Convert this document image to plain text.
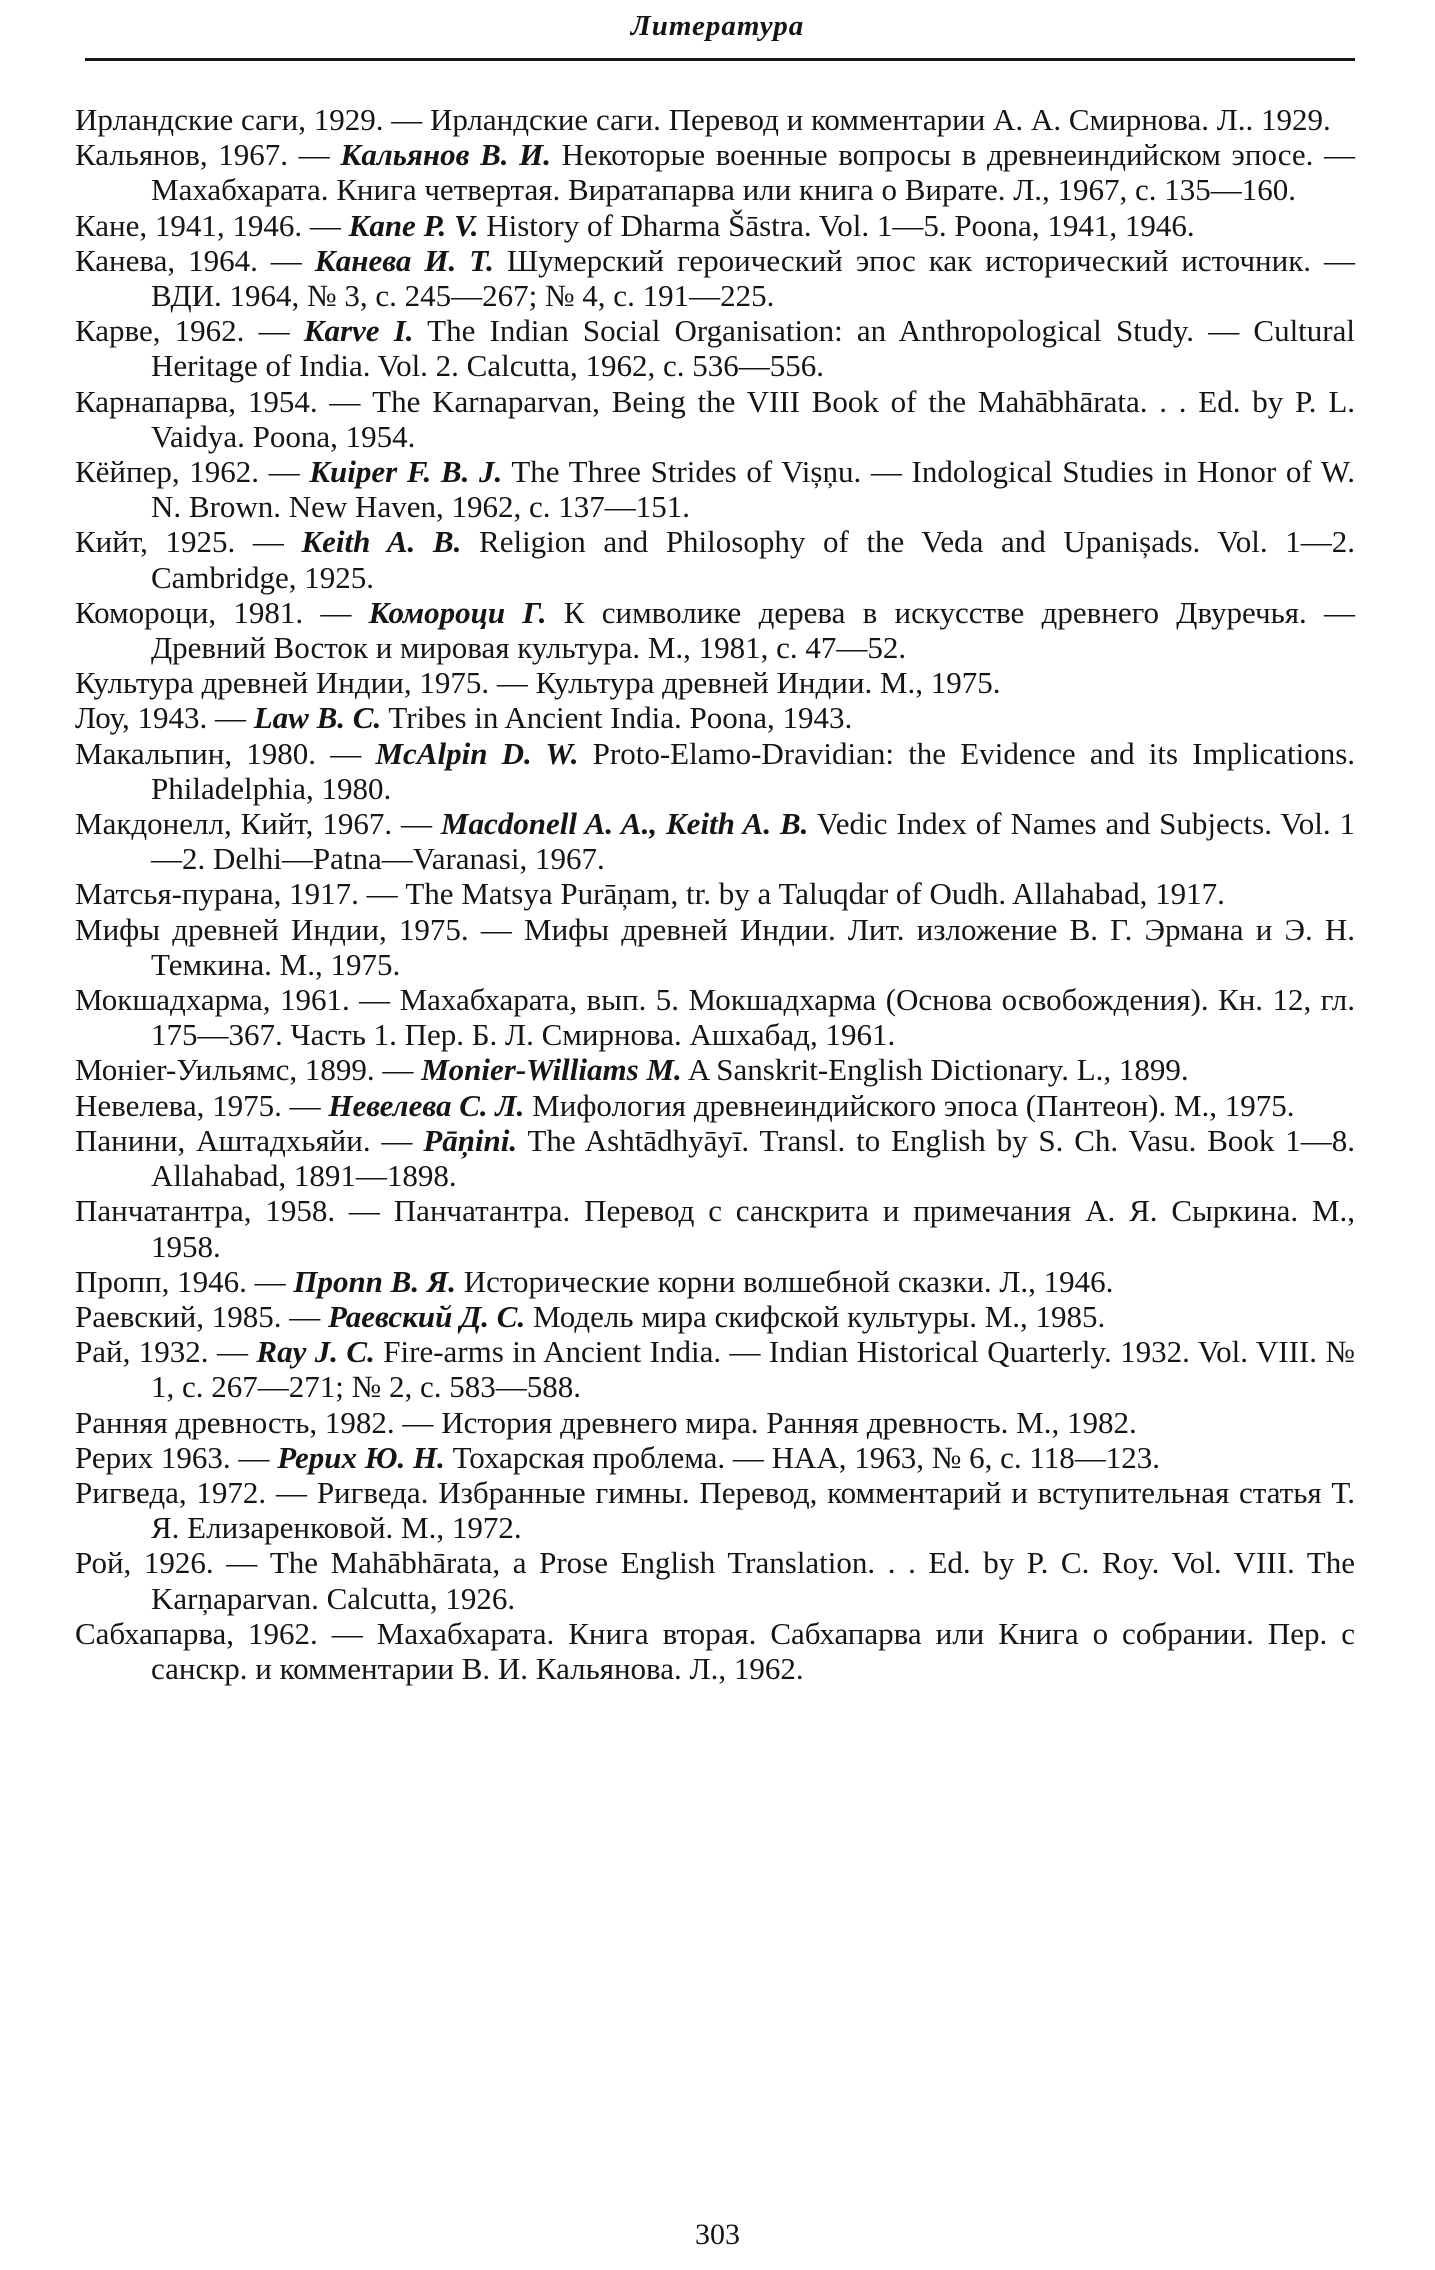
Литература
Ирландские саги, 1929. — Ирландские саги. Перевод и комментарии А. А. Смирнова. Л.. 1929.
Кальянов, 1967. — Кальянов В. И. Некоторые военные вопросы в древнеиндийском эпосе. — Махабхарата. Книга четвертая. Виратапарва или книга о Вирате. Л., 1967, с. 135—160.
Кане, 1941, 1946. — Kane P. V. History of Dharma Šāstra. Vol. 1—5. Poona, 1941, 1946.
Канева, 1964. — Канева И. Т. Шумерский героический эпос как исторический источник. — ВДИ. 1964, № 3, с. 245—267; № 4, с. 191—225.
Карве, 1962. — Karve I. The Indian Social Organisation: an Anthropological Study. — Cultural Heritage of India. Vol. 2. Calcutta, 1962, с. 536—556.
Карнапарва, 1954. — The Karnaparvan, Being the VIII Book of the Mahābhārata. . . Ed. by P. L. Vaidya. Poona, 1954.
Кёйпер, 1962. — Kuiper F. B. J. The Three Strides of Vișņu. — Indological Studies in Honor of W. N. Brown. New Haven, 1962, с. 137—151.
Кийт, 1925. — Keith A. B. Religion and Philosophy of the Veda and Upanișads. Vol. 1—2. Cambridge, 1925.
Комороци, 1981. — Комороци Г. К символике дерева в искусстве древнего Двуречья. — Древний Восток и мировая культура. М., 1981, с. 47—52.
Культура древней Индии, 1975. — Культура древней Индии. М., 1975.
Лоу, 1943. — Law B. C. Tribes in Ancient India. Poona, 1943.
Макальпин, 1980. — McAlpin D. W. Proto-Elamo-Dravidian: the Evidence and its Implications. Philadelphia, 1980.
Макдонелл, Кийт, 1967. — Macdonell A. A., Keith A. B. Vedic Index of Names and Subjects. Vol. 1—2. Delhi—Patna—Varanasi, 1967.
Матсья-пурана, 1917. — The Matsya Purāņam, tr. by a Taluqdar of Oudh. Allahabad, 1917.
Мифы древней Индии, 1975. — Мифы древней Индии. Лит. изложение В. Г. Эрмана и Э. Н. Темкина. М., 1975.
Мокшадхарма, 1961. — Махабхарата, вып. 5. Мокшадхарма (Основа освобождения). Кн. 12, гл. 175—367. Часть 1. Пер. Б. Л. Смирнова. Ашхабад, 1961.
Монier-Уильямс, 1899. — Monier-Williams M. A Sanskrit-English Dictionary. L., 1899.
Невелева, 1975. — Невелева С. Л. Мифология древнеиндийского эпоса (Пантеон). М., 1975.
Панини, Аштадхьяйи. — Pāņini. The Ashtādhyāyī. Transl. to English by S. Ch. Vasu. Book 1—8. Allahabad, 1891—1898.
Панчатантра, 1958. — Панчатантра. Перевод с санскрита и примечания А. Я. Сыркина. М., 1958.
Пропп, 1946. — Пропп В. Я. Исторические корни волшебной сказки. Л., 1946.
Раевский, 1985. — Раевский Д. С. Модель мира скифской культуры. М., 1985.
Рай, 1932. — Ray J. C. Fire-arms in Ancient India. — Indian Historical Quarterly. 1932. Vol. VIII. № 1, с. 267—271; № 2, с. 583—588.
Ранняя древность, 1982. — История древнего мира. Ранняя древность. М., 1982.
Рерих 1963. — Рерих Ю. Н. Тохарская проблема. — НАА, 1963, № 6, с. 118—123.
Ригведа, 1972. — Ригведа. Избранные гимны. Перевод, комментарий и вступительная статья Т. Я. Елизаренковой. М., 1972.
Рой, 1926. — The Mahābhārata, a Prose English Translation. . . Ed. by P. C. Roy. Vol. VIII. The Karņaparvan. Calcutta, 1926.
Сабхапарва, 1962. — Махабхарата. Книга вторая. Сабхапарва или Книга о собрании. Пер. с санскр. и комментарии В. И. Кальянова. Л., 1962.
303
